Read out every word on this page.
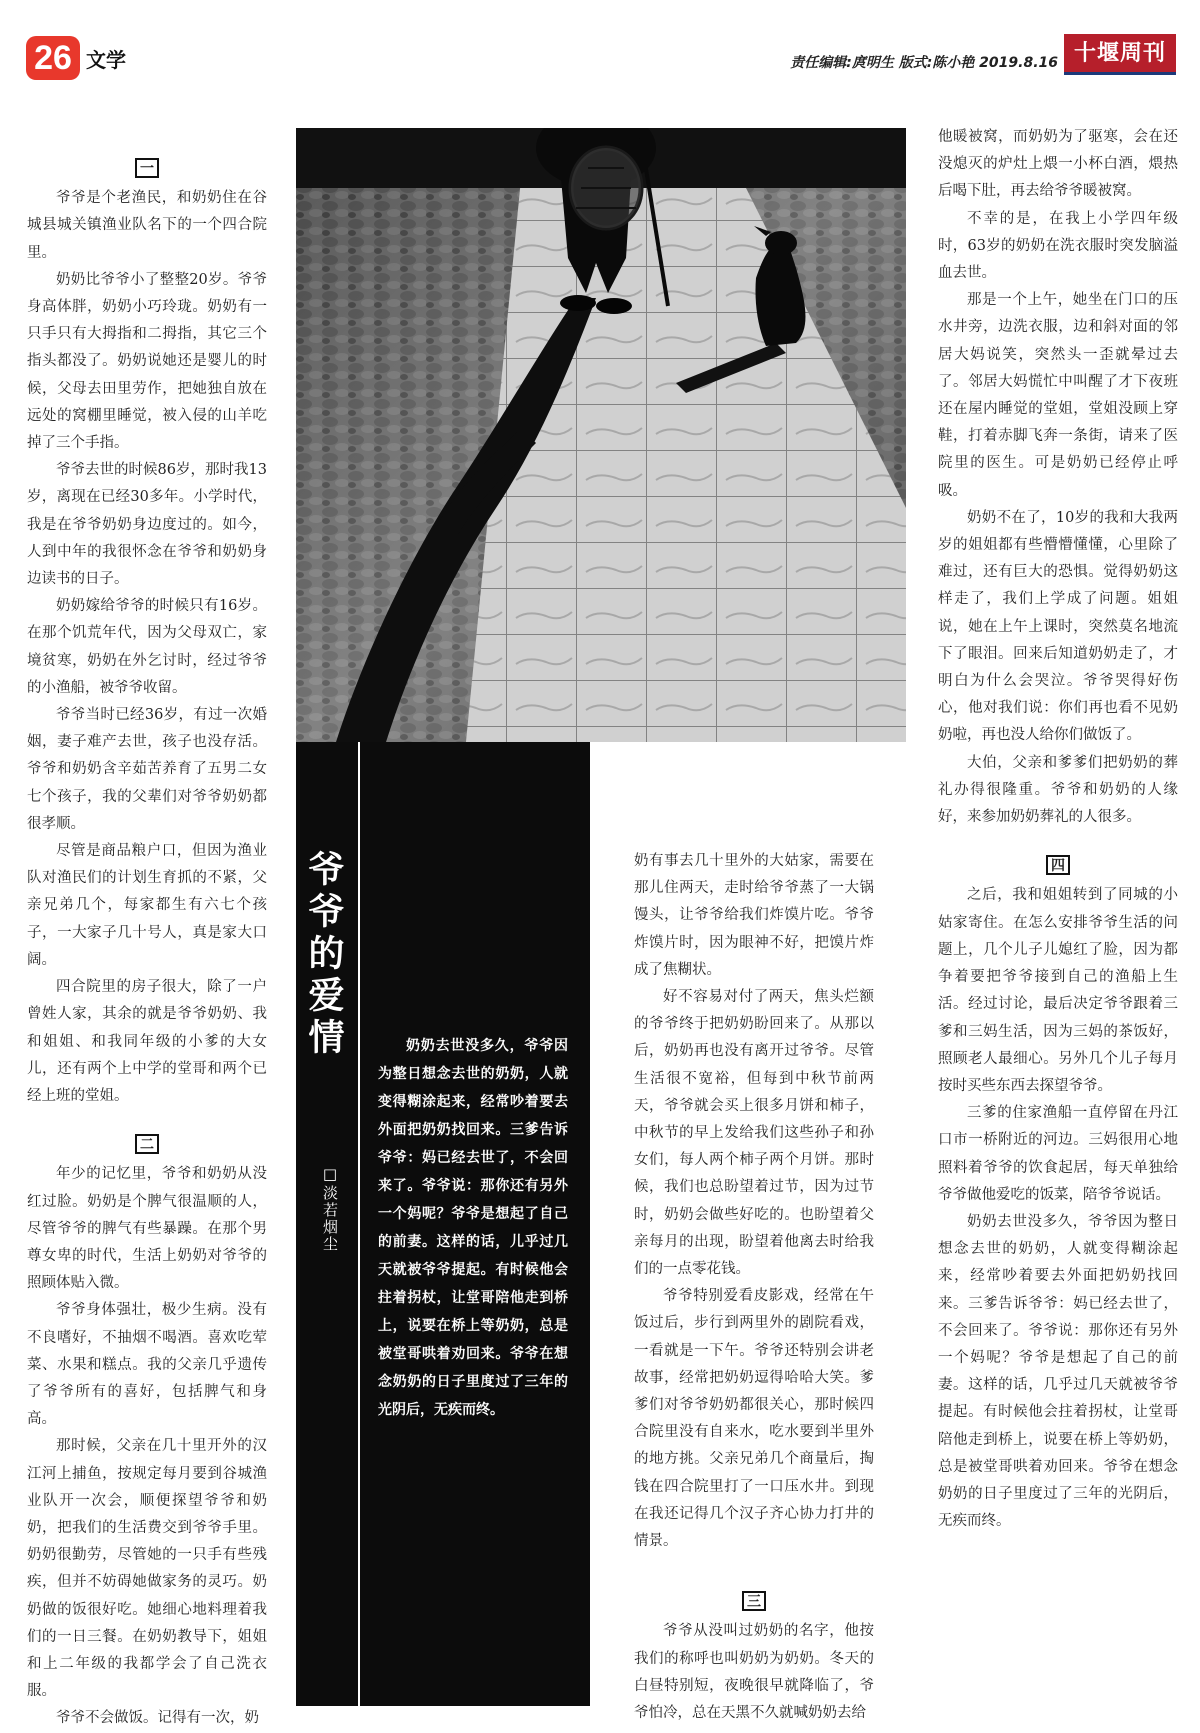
26 文学	责任编辑:庹明生 版式:陈小艳 2019.8.16 十堰周刊
一

爷爷是个老渔民，和奶奶住在谷城县城关镇渔业队名下的一个四合院里。

奶奶比爷爷小了整整20岁。爷爷身高体胖，奶奶小巧玲珑。奶奶有一只手只有大拇指和二拇指，其它三个指头都没了。奶奶说她还是婴儿的时候，父母去田里劳作，把她独自放在远处的窝棚里睡觉，被入侵的山羊吃掉了三个手指。

爷爷去世的时候86岁，那时我13岁，离现在已经30多年。小学时代，我是在爷爷奶奶身边度过的。如今，人到中年的我很怀念在爷爷和奶奶身边读书的日子。

奶奶嫁给爷爷的时候只有16岁。在那个饥荒年代，因为父母双亡，家境贫寒，奶奶在外乞讨时，经过爷爷的小渔船，被爷爷收留。

爷爷当时已经36岁，有过一次婚姻，妻子难产去世，孩子也没存活。爷爷和奶奶含辛茹苦养育了五男二女七个孩子，我的父辈们对爷爷奶奶都很孝顺。

尽管是商品粮户口，但因为渔业队对渔民们的计划生育抓的不紧，父亲兄弟几个，每家都生有六七个孩子，一大家子几十号人，真是家大口阔。

四合院里的房子很大，除了一户曾姓人家，其余的就是爷爷奶奶、我和姐姐、和我同年级的小爹的大女儿，还有两个上中学的堂哥和两个已经上班的堂姐。

二

年少的记忆里，爷爷和奶奶从没红过脸。奶奶是个脾气很温顺的人，尽管爷爷的脾气有些暴躁。在那个男尊女卑的时代，生活上奶奶对爷爷的照顾体贴入微。

爷爷身体强壮，极少生病。没有不良嗜好，不抽烟不喝酒。喜欢吃荤菜、水果和糕点。我的父亲几乎遗传了爷爷所有的喜好，包括脾气和身高。

那时候，父亲在几十里开外的汉江河上捕鱼，按规定每月要到谷城渔业队开一次会，顺便探望爷爷和奶奶，把我们的生活费交到爷爷手里。奶奶很勤劳，尽管她的一只手有些残疾，但并不妨碍她做家务的灵巧。奶奶做的饭很好吃。她细心地料理着我们的一日三餐。在奶奶教导下，姐姐和上二年级的我都学会了自己洗衣服。

爷爷不会做饭。记得有一次，奶

爷爷的爱情
□淡若烟尘
奶奶去世没多久，爷爷因为整日想念去世的奶奶，人就变得糊涂起来，经常吵着要去外面把奶奶找回来。三爹告诉爷爷：妈已经去世了，不会回来了。爷爷说：那你还有另外一个妈呢？爷爷是想起了自己的前妻。这样的话，儿乎过几天就被爷爷提起。有时候他会拄着拐杖，让堂哥陪他走到桥上，说要在桥上等奶奶，总是被堂哥哄着劝回来。爷爷在想念奶奶的日子里度过了三年的光阴后，无疾而终。

奶有事去几十里外的大姑家，需要在那儿住两天，走时给爷爷蒸了一大锅馒头，让爷爷给我们炸馍片吃。爷爷炸馍片时，因为眼神不好，把馍片炸成了焦糊状。

好不容易对付了两天，焦头烂额的爷爷终于把奶奶盼回来了。从那以后，奶奶再也没有离开过爷爷。尽管生活很不宽裕，但每到中秋节前两天，爷爷就会买上很多月饼和柿子，中秋节的早上发给我们这些孙子和孙女们，每人两个柿子两个月饼。那时候，我们也总盼望着过节，因为过节时，奶奶会做些好吃的。也盼望着父亲每月的出现，盼望着他离去时给我们的一点零花钱。

爷爷特别爱看皮影戏，经常在午饭过后，步行到两里外的剧院看戏，一看就是一下午。爷爷还特别会讲老故事，经常把奶奶逗得哈哈大笑。爹爹们对爷爷奶奶都很关心，那时候四合院里没有自来水，吃水要到半里外的地方挑。父亲兄弟几个商量后，掏钱在四合院里打了一口压水井。到现在我还记得几个汉子齐心协力打井的情景。

三

爷爷从没叫过奶奶的名字，他按我们的称呼也叫奶奶为奶奶。冬天的白昼特别短，夜晚很早就降临了，爷爷怕冷，总在天黑不久就喊奶奶去给

他暖被窝，而奶奶为了驱寒，会在还没熄灭的炉灶上煨一小杯白酒，煨热后喝下肚，再去给爷爷暖被窝。

不幸的是，在我上小学四年级时，63岁的奶奶在洗衣服时突发脑溢血去世。

那是一个上午，她坐在门口的压水井旁，边洗衣服，边和斜对面的邻居大妈说笑，突然头一歪就晕过去了。邻居大妈慌忙中叫醒了才下夜班还在屋内睡觉的堂姐，堂姐没顾上穿鞋，打着赤脚飞奔一条街，请来了医院里的医生。可是奶奶已经停止呼吸。

奶奶不在了，10岁的我和大我两岁的姐姐都有些懵懵懂懂，心里除了难过，还有巨大的恐惧。觉得奶奶这样走了，我们上学成了问题。姐姐说，她在上午上课时，突然莫名地流下了眼泪。回来后知道奶奶走了，才明白为什么会哭泣。爷爷哭得好伤心，他对我们说：你们再也看不见奶奶啦，再也没人给你们做饭了。

大伯，父亲和爹爹们把奶奶的葬礼办得很隆重。爷爷和奶奶的人缘好，来参加奶奶葬礼的人很多。

四

之后，我和姐姐转到了同城的小姑家寄住。在怎么安排爷爷生活的问题上，几个儿子儿媳红了脸，因为都争着要把爷爷接到自己的渔船上生活。经过讨论，最后决定爷爷跟着三爹和三妈生活，因为三妈的茶饭好，照顾老人最细心。另外几个儿子每月按时买些东西去探望爷爷。

三爹的住家渔船一直停留在丹江口市一桥附近的河边。三妈很用心地照料着爷爷的饮食起居，每天单独给爷爷做他爱吃的饭菜，陪爷爷说话。

奶奶去世没多久，爷爷因为整日想念去世的奶奶，人就变得糊涂起来，经常吵着要去外面把奶奶找回来。三爹告诉爷爷：妈已经去世了，不会回来了。爷爷说：那你还有另外一个妈呢？爷爷是想起了自己的前妻。这样的话，几乎过几天就被爷爷提起。有时候他会拄着拐杖，让堂哥陪他走到桥上，说要在桥上等奶奶，总是被堂哥哄着劝回来。爷爷在想念奶奶的日子里度过了三年的光阴后，无疾而终。
